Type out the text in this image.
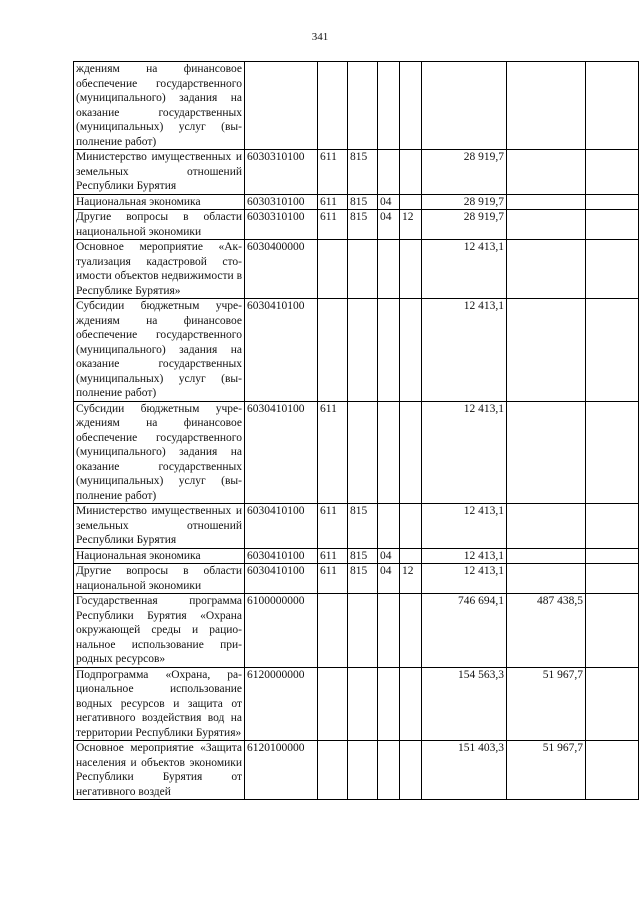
341
ждениям на финансовое обеспечение государственного (муниципального) задания на оказание государственных (муниципальных) услуг (выполнение работ)								
Министерство имущественных и земельных отношений Республики Бурятия	6030310100	611	815			28 919,7		
Национальная экономика	6030310100	611	815	04		28 919,7		
Другие вопросы в области национальной экономики	6030310100	611	815	04	12	28 919,7		
Основное мероприятие «Актуализация кадастровой стоимости объектов недвижимости в Республике Бурятия»	6030400000					12 413,1		
Субсидии бюджетным учреждениям на финансовое обеспечение государственного (муниципального) задания на оказание государственных (муниципальных) услуг (выполнение работ)	6030410100					12 413,1		
Субсидии бюджетным учреждениям на финансовое обеспечение государственного (муниципального) задания на оказание государственных (муниципальных) услуг (выполнение работ)	6030410100	611				12 413,1		
Министерство имущественных и земельных отношений Республики Бурятия	6030410100	611	815			12 413,1		
Национальная экономика	6030410100	611	815	04		12 413,1		
Другие вопросы в области национальной экономики	6030410100	611	815	04	12	12 413,1		
Государственная программа Республики Бурятия «Охрана окружающей среды и рациональное использование природных ресурсов»	6100000000					746 694,1	487 438,5	
Подпрограмма «Охрана, рациональное использование водных ресурсов и защита от негативного воздействия вод на территории Республики Бурятия»	6120000000					154 563,3	51 967,7	
Основное мероприятие «Защита населения и объектов экономики Республики Бурятия от негативного воздей	6120100000					151 403,3	51 967,7	
